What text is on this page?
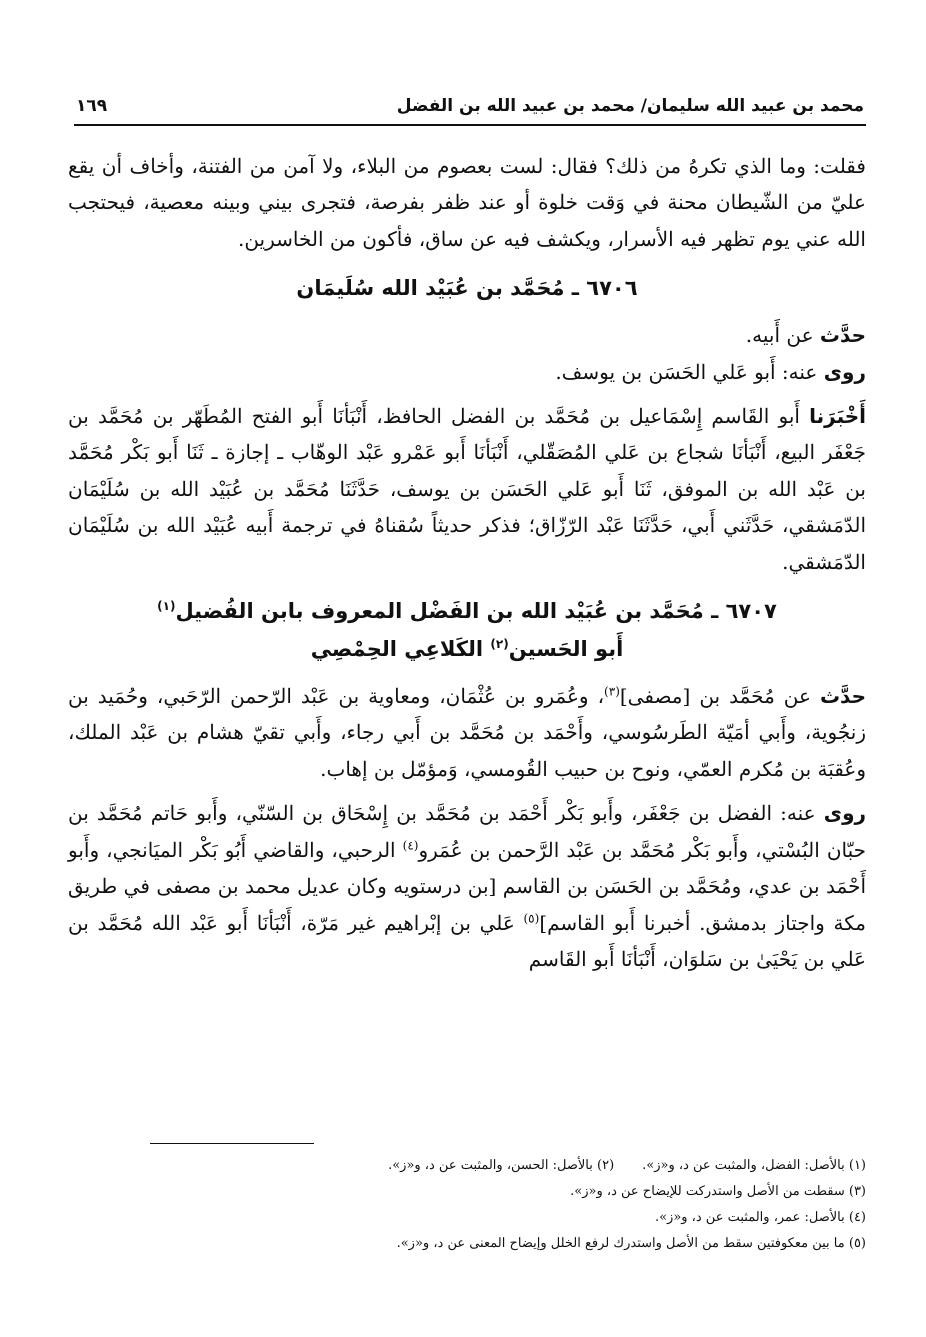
محمد بن عبيد الله سليمان/ محمد بن عبيد الله بن الفضل
١٦٩

فقلت: وما الذي تكرهُ من ذلك؟ فقال: لست بعصوم من البلاء، ولا آمن من الفتنة، وأخاف أن يقع عليّ من الشّيطان محنة في وَقت خلوة أو عند ظفر بفرصة، فتجرى بيني وبينه معصية، فيحتجب الله عني يوم تظهر فيه الأسرار، ويكشف فيه عن ساق، فأكون من الخاسرين.

٦٧٠٦ ـ مُحَمَّد بن عُبَيْد الله سُلَيمَان

حدَّث عن أَبيه.

روى عنه: أَبو عَلي الحَسَن بن يوسف.

أَخْبَرَنا أَبو القَاسم إِسْمَاعيل بن مُحَمَّد بن الفضل الحافظ، أَنْبَأنَا أَبو الفتح المُطَهّر بن مُحَمَّد بن جَعْفَر البيع، أَنْبَأنَا شجاع بن عَلي المُصَقّلي، أَنْبَأنَا أَبو عَمْرو عَبْد الوهّاب ـ إجازة ـ ثَنَا أَبو بَكْر مُحَمَّد بن عَبْد الله بن الموفق، ثَنَا أَبو عَلي الحَسَن بن يوسف، حَدَّثَنَا مُحَمَّد بن عُبَيْد الله بن سُلَيْمَان الدّمَشقي، حَدَّثَني أَبي، حَدَّثَنَا عَبْد الرّزّاق؛ فذكر حديثاً سُقناهُ في ترجمة أَبيه عُبَيْد الله بن سُلَيْمَان الدّمَشقي.

٦٧٠٧ ـ مُحَمَّد بن عُبَيْد الله بن الفَضْل المعروف بابن الفُضيل$^{(١)}$
أَبو الحَسين$^{(٢)}$ الكَلاعِي الحِمْصِي

حدَّث عن مُحَمَّد بن [مصفى]$^{(٣)}$، وعُمَرو بن عُثْمَان، ومعاوية بن عَبْد الرّحمن الرّحَبي، وحُمَيد بن زنجُوية، وأَبي أمَيّة الطَرسُوسي، وأَحْمَد بن مُحَمَّد بن أَبي رجاء، وأَبي تقيّ هشام بن عَبْد الملك، وعُقبَة بن مُكرم العمّي، ونوح بن حبيب القُومسي، وَمؤمّل بن إهاب.

روى عنه: الفضل بن جَعْفَر، وأَبو بَكْر أَحْمَد بن مُحَمَّد بن إِسْحَاق بن السّنّي، وأَبو حَاتم مُحَمَّد بن حبّان البُسْتي، وأَبو بَكْر مُحَمَّد بن عَبْد الرَّحمن بن عُمَرو$^{(٤)}$ الرحبي، والقاضي أَبُو بَكْر الميَانجي، وأَبو أَحْمَد بن عدي، ومُحَمَّد بن الحَسَن بن القاسم [بن درستويه وكان عديل محمد بن مصفى في طريق مكة واجتاز بدمشق. أخبرنا أَبو القاسم]$^{(٥)}$ عَلي بن إبْراهيم غير مَرّة، أَنْبَأنَا أَبو عَبْد الله مُحَمَّد بن عَلي بن يَحْيَىٰ بن سَلوَان، أَنْبَأنَا أَبو القَاسم

(١) بالأصل: الفضل، والمثبت عن د، و«ز».
(٢) بالأصل: الحسن، والمثبت عن د، و«ز».
(٣) سقطت من الأصل واستدركت للإيضاح عن د، و«ز».
(٤) بالأصل: عمر، والمثبت عن د، و«ز».
(٥) ما بين معكوفتين سقط من الأصل واستدرك لرفع الخلل وإيضاح المعنى عن د، و«ز».
